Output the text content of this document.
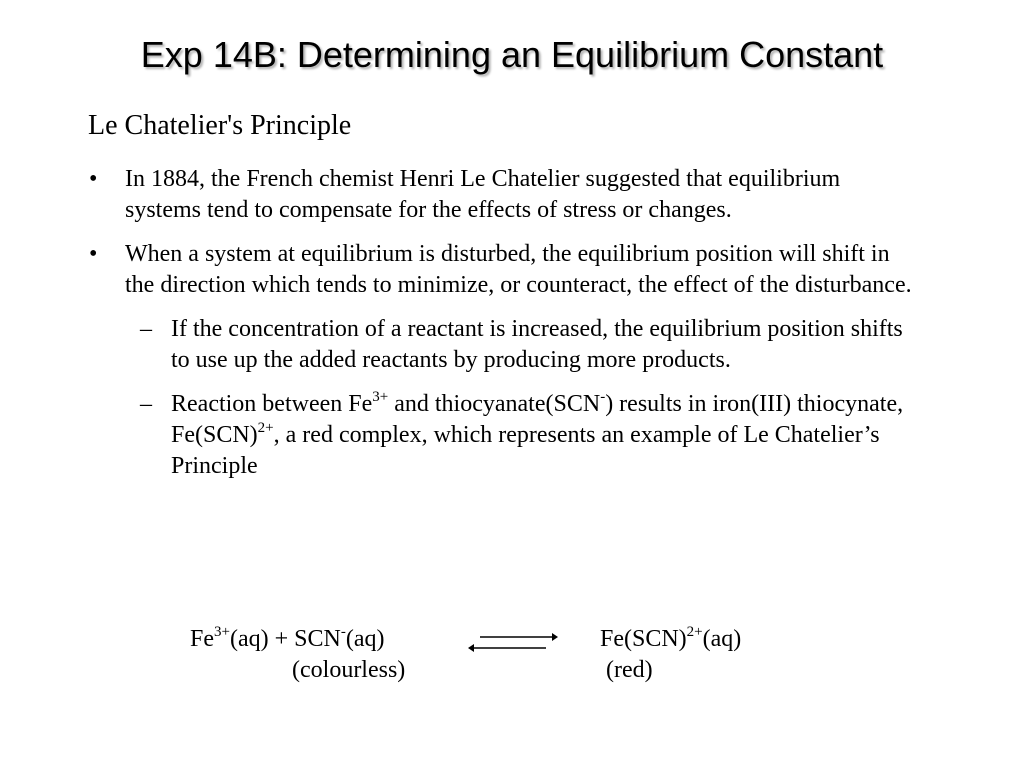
Exp 14B: Determining an Equilibrium Constant
Le Chatelier's Principle
• In 1884, the French chemist Henri Le Chatelier suggested that equilibrium systems tend to compensate for the effects of stress or changes.
• When a system at equilibrium is disturbed, the equilibrium position will shift in the direction which tends to minimize, or counteract, the effect of the disturbance.
– If the concentration of a reactant is increased, the equilibrium position shifts to use up the added reactants by producing more products.
– Reaction between $Fe^{3+}$ and thiocyanate(SCN-) results in iron(III) thiocynate, Fe(SCN)$^{2+}$, a red complex, which represents an example of Le Chatelier’s Principle
$Fe^{3+}(aq) + SCN^-(aq)$	Fe(SCN)$^{2+}$(aq)
(colourless)	(red)
